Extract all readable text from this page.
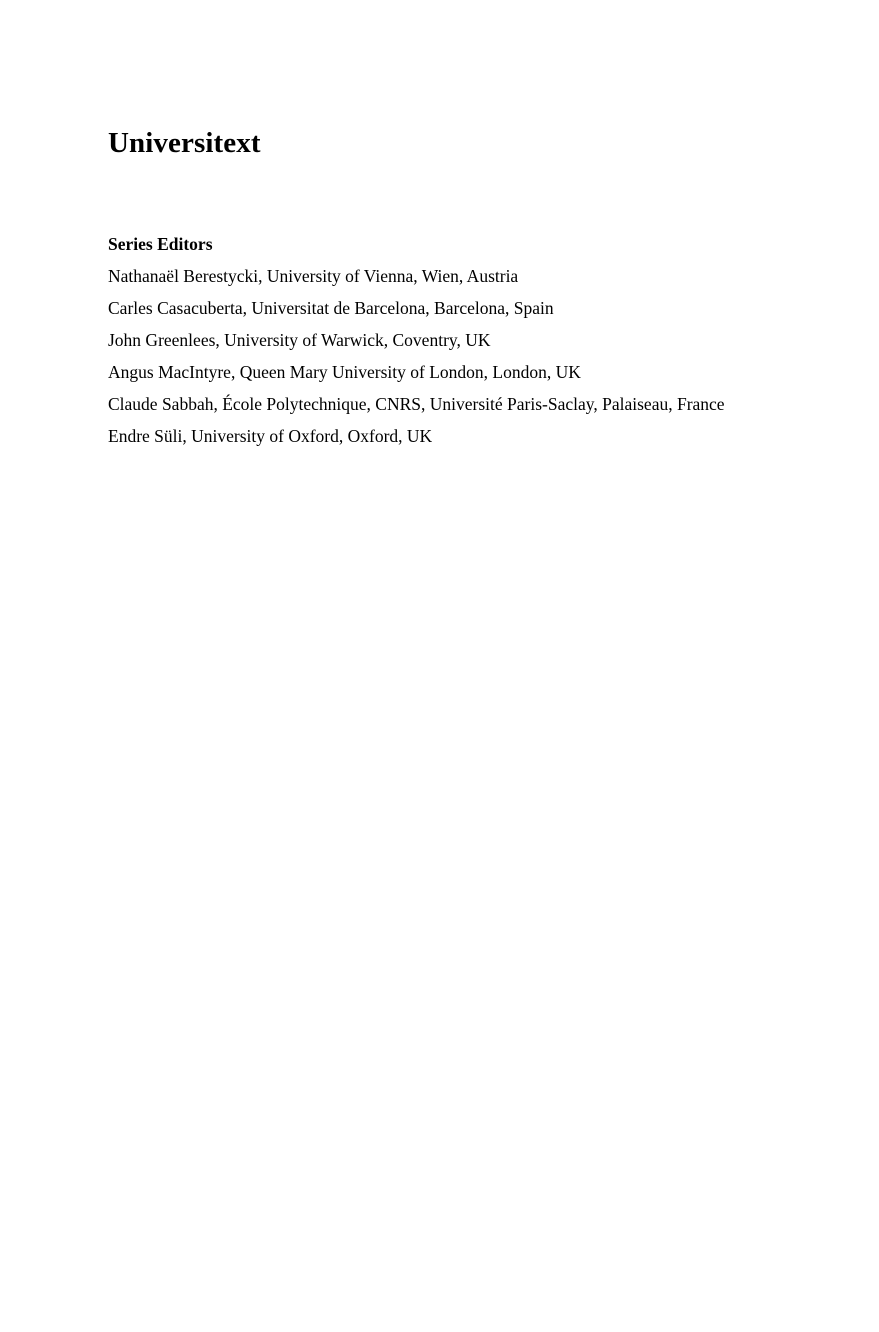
Universitext
Series Editors
Nathanaël Berestycki, University of Vienna, Wien, Austria
Carles Casacuberta, Universitat de Barcelona, Barcelona, Spain
John Greenlees, University of Warwick, Coventry, UK
Angus MacIntyre, Queen Mary University of London, London, UK
Claude Sabbah, École Polytechnique, CNRS, Université Paris-Saclay, Palaiseau, France
Endre Süli, University of Oxford, Oxford, UK
